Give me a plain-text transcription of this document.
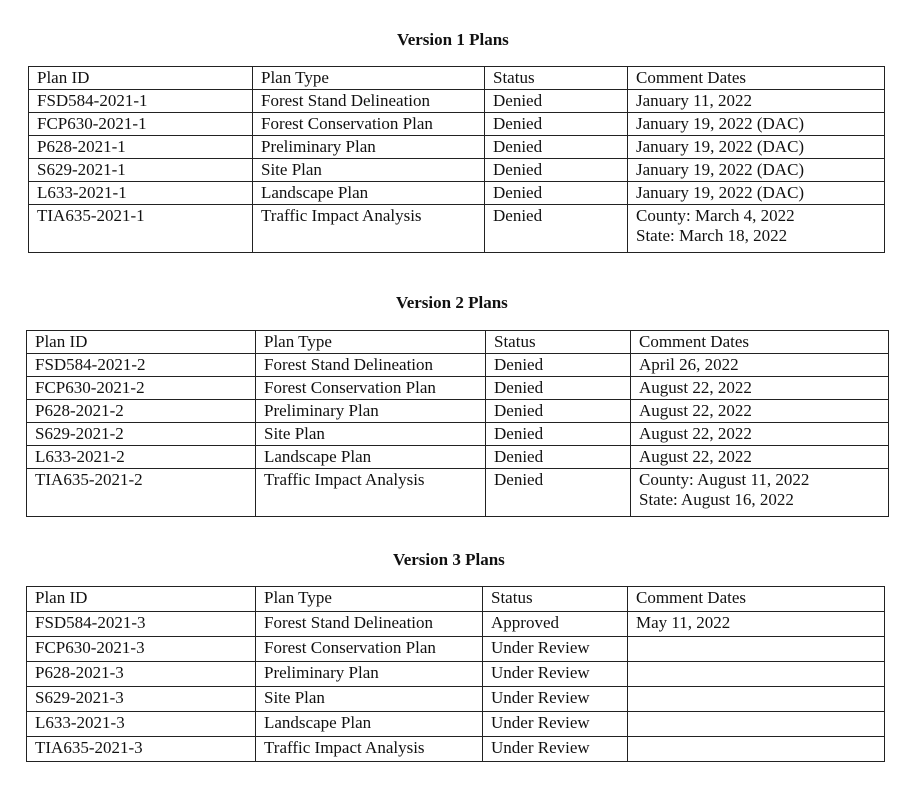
Version 1 Plans
Plan ID	Plan Type	Status	Comment Dates
FSD584-2021-1	Forest Stand Delineation	Denied	January 11, 2022

FCP630-2021-1	Forest Conservation Plan	Denied	January 19, 2022 (DAC)

P628-2021-1	Preliminary Plan	Denied	January 19, 2022 (DAC)

S629-2021-1	Site Plan	Denied	January 19, 2022 (DAC)

L633-2021-1	Landscape Plan	Denied	January 19, 2022 (DAC)

TIA635-2021-1	Traffic Impact Analysis	Denied	County: March 4, 2022
State: March 18, 2022
Version 2 Plans
Plan ID	Plan Type	Status	Comment Dates
FSD584-2021-2	Forest Stand Delineation	Denied	April 26, 2022

FCP630-2021-2	Forest Conservation Plan	Denied	August 22, 2022

P628-2021-2	Preliminary Plan	Denied	August 22, 2022

S629-2021-2	Site Plan	Denied	August 22, 2022

L633-2021-2	Landscape Plan	Denied	August 22, 2022

TIA635-2021-2	Traffic Impact Analysis	Denied	County: August 11, 2022
State: August 16, 2022
Version 3 Plans
Plan ID	Plan Type	Status	Comment Dates
FSD584-2021-3	Forest Stand Delineation	Approved	May 11, 2022

FCP630-2021-3	Forest Conservation Plan	Under Review	
P628-2021-3	Preliminary Plan	Under Review	
S629-2021-3	Site Plan	Under Review	
L633-2021-3	Landscape Plan	Under Review	
TIA635-2021-3	Traffic Impact Analysis	Under Review	
